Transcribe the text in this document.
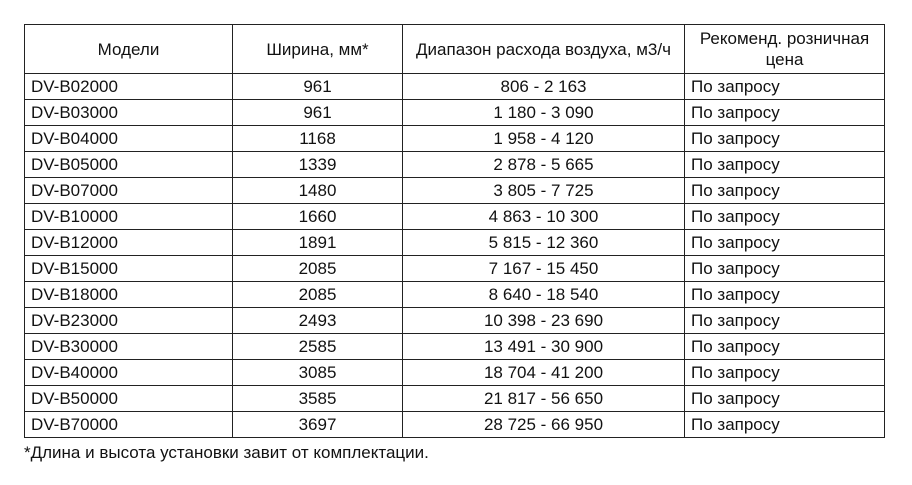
Модели	Ширина, мм*	Диапазон расхода воздуха, м3/ч	Рекоменд. розничная цена
DV-B02000	961	806 - 2 163	По запросу
DV-B03000	961	1 180 - 3 090	По запросу
DV-B04000	1168	1 958 - 4 120	По запросу
DV-B05000	1339	2 878 - 5 665	По запросу
DV-B07000	1480	3 805 - 7 725	По запросу
DV-B10000	1660	4 863 - 10 300	По запросу
DV-B12000	1891	5 815 - 12 360	По запросу
DV-B15000	2085	7 167 - 15 450	По запросу
DV-B18000	2085	8 640 - 18 540	По запросу
DV-B23000	2493	10 398 - 23 690	По запросу
DV-B30000	2585	13 491 - 30 900	По запросу
DV-B40000	3085	18 704 - 41 200	По запросу
DV-B50000	3585	21 817 - 56 650	По запросу
DV-B70000	3697	28 725 - 66 950	По запросу
*Длина и высота установки завит от комплектации.
